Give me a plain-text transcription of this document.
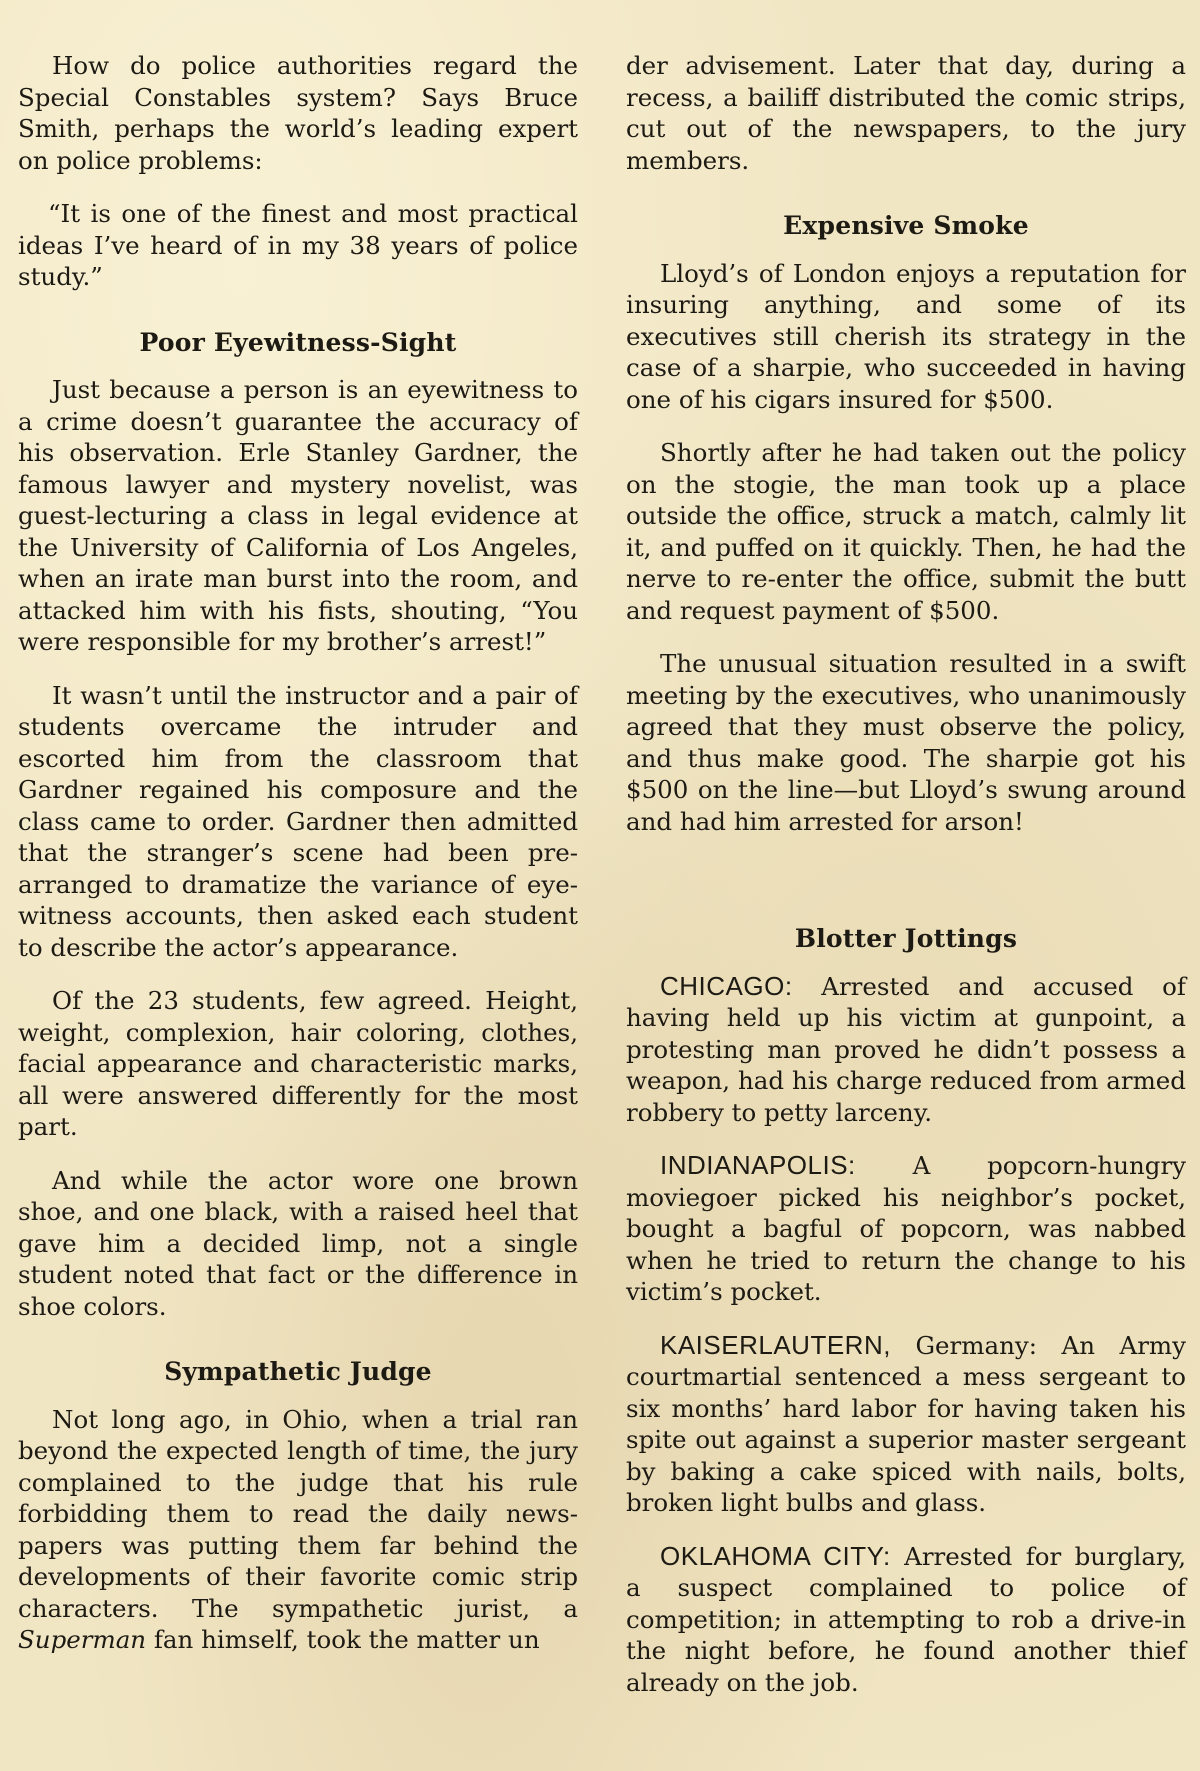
How do police authorities regard the Special Constables system? Says Bruce Smith, perhaps the world’s leading expert on police problems:

“It is one of the finest and most practical ideas I’ve heard of in my 38 years of police study.”

Poor Eyewitness-Sight

Just because a person is an eyewitness to a crime doesn’t guarantee the accuracy of his observation. Erle Stanley Gardner, the famous lawyer and mystery novelist, was guest-lecturing a class in legal evidence at the University of California of Los Angeles, when an irate man burst into the room, and attacked him with his fists, shouting, “You were responsible for my brother’s arrest!”

It wasn’t until the instructor and a pair of students overcame the intruder and escorted him from the classroom that Gardner regained his composure and the class came to order. Gardner then admitted that the stranger’s scene had been prearranged to dramatize the variance of eyewitness accounts, then asked each student to describe the actor’s appearance.

Of the 23 students, few agreed. Height, weight, complexion, hair coloring, clothes, facial appearance and characteristic marks, all were answered differently for the most part.

And while the actor wore one brown shoe, and one black, with a raised heel that gave him a decided limp, not a single student noted that fact or the difference in shoe colors.

Sympathetic Judge

Not long ago, in Ohio, when a trial ran beyond the expected length of time, the jury complained to the judge that his rule forbidding them to read the daily newspapers was putting them far behind the developments of their favorite comic strip characters. The sympathetic jurist, a Superman fan himself, took the matter un

der advisement. Later that day, during a recess, a bailiff distributed the comic strips, cut out of the newspapers, to the jury members.

Expensive Smoke

Lloyd’s of London enjoys a reputation for insuring anything, and some of its executives still cherish its strategy in the case of a sharpie, who succeeded in having one of his cigars insured for $500.

Shortly after he had taken out the policy on the stogie, the man took up a place outside the office, struck a match, calmly lit it, and puffed on it quickly. Then, he had the nerve to re-enter the office, submit the butt and request payment of $500.

The unusual situation resulted in a swift meeting by the executives, who unanimously agreed that they must observe the policy, and thus make good. The sharpie got his $500 on the line—but Lloyd’s swung around and had him arrested for arson!

Blotter Jottings

CHICAGO: Arrested and accused of having held up his victim at gunpoint, a protesting man proved he didn’t possess a weapon, had his charge reduced from armed robbery to petty larceny.

INDIANAPOLIS: A popcorn-hungry moviegoer picked his neighbor’s pocket, bought a bagful of popcorn, was nabbed when he tried to return the change to his victim’s pocket.

KAISERLAUTERN, Germany: An Army courtmartial sentenced a mess sergeant to six months’ hard labor for having taken his spite out against a superior master sergeant by baking a cake spiced with nails, bolts, broken light bulbs and glass.

OKLAHOMA CITY: Arrested for burglary, a suspect complained to police of competition; in attempting to rob a drive-in the night before, he found another thief already on the job.
